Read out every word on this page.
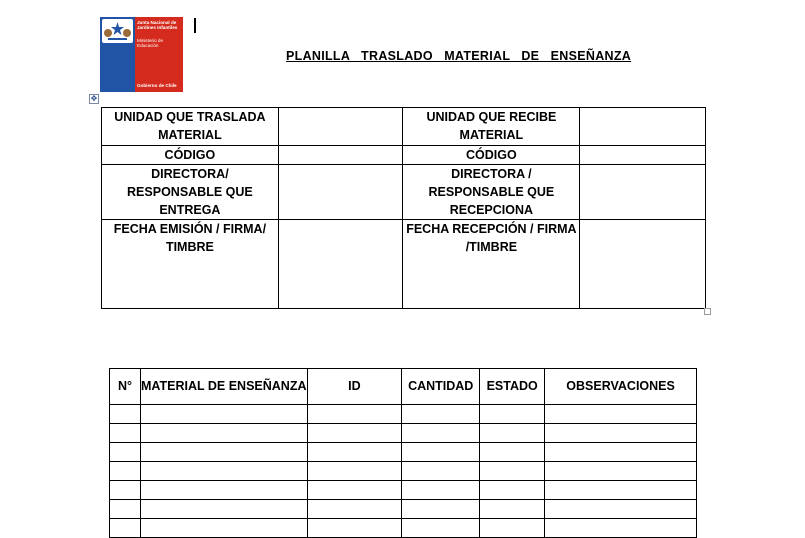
Junta Nacional de Jardines Infantiles
Ministerio de Educación
Gobierno de Chile
PLANILLA   TRASLADO   MATERIAL   DE   ENSEÑANZA
✥
UNIDAD QUE TRASLADA MATERIAL		UNIDAD QUE RECIBE MATERIAL	
CÓDIGO		CÓDIGO	
DIRECTORA/ RESPONSABLE QUE ENTREGA		DIRECTORA / RESPONSABLE QUE RECEPCIONA	
FECHA EMISIÓN / FIRMA/ TIMBRE		FECHA RECEPCIÓN / FIRMA /TIMBRE	
N°	MATERIAL DE ENSEÑANZA	ID	CANTIDAD	ESTADO	OBSERVACIONES
